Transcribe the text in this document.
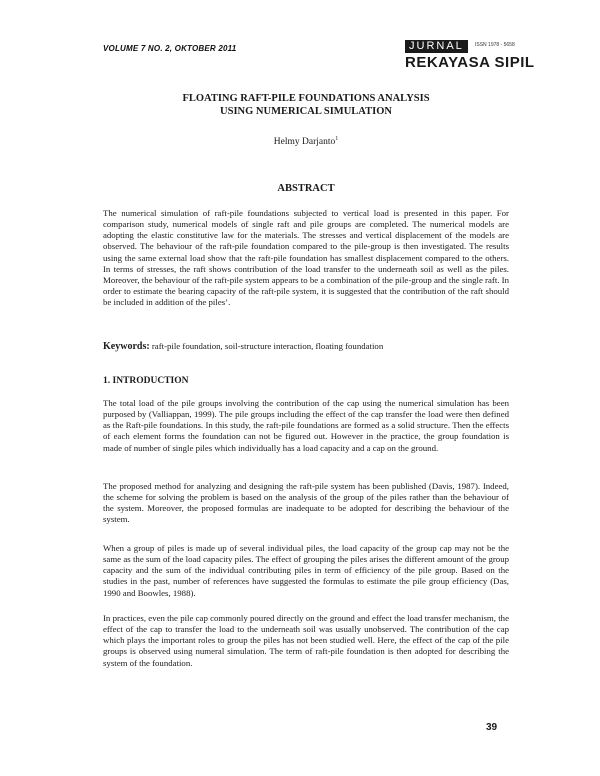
VOLUME 7 NO. 2, OKTOBER 2011	JURNAL	ISSN 1978 - 5658
REKAYASA SIPIL
FLOATING RAFT-PILE FOUNDATIONS ANALYSIS
USING NUMERICAL SIMULATION
Helmy Darjanto$^1$
ABSTRACT
The numerical simulation of raft-pile foundations subjected to vertical load is presented in this paper. For comparison study, numerical models of single raft and pile groups are completed. The numerical models are adopting the elastic constitutive law for the materials. The stresses and vertical displacement of the models are observed. The behaviour of the raft-pile foundation compared to the pile-group is then investigated. The results using the same external load show that the raft-pile foundation has smallest displacement compared to the others. In terms of stresses, the raft shows contribution of the load transfer to the underneath soil as well as the piles. Moreover, the behaviour of the raft-pile system appears to be a combination of the pile-group and the single raft. In order to estimate the bearing capacity of the raft-pile system, it is suggested that the contribution of the raft should be included in addition of the piles’.
Keywords: raft-pile foundation, soil-structure interaction, floating foundation
1. INTRODUCTION
The total load of the pile groups involving the contribution of the cap using the numerical simulation has been purposed by (Valliappan, 1999). The pile groups including the effect of the cap transfer the load were then defined as the Raft-pile foundations. In this study, the raft-pile foundations are formed as a solid structure. Then the effects of each element forms the foundation can not be figured out. However in the practice, the group foundation is made of number of single piles which individually has a load capacity and a cap on the ground.
The proposed method for analyzing and designing the raft-pile system has been published (Davis, 1987). Indeed, the scheme for solving the problem is based on the analysis of the group of the piles rather than the behaviour of the system. Moreover, the proposed formulas are inadequate to be adopted for describing the behaviour of the system.
When a group of piles is made up of several individual piles, the load capacity of the group cap may not be the same as the sum of the load capacity piles. The effect of grouping the piles arises the different amount of the group capacity and the sum of the individual contributing piles in term of efficiency of the pile group. Based on the studies in the past, number of references have suggested the formulas to estimate the pile group efficiency (Das, 1990 and Boowles, 1988).
In practices, even the pile cap commonly poured directly on the ground and effect the load transfer mechanism, the effect of the cap to transfer the load to the underneath soil was usually unobserved. The contribution of the cap which plays the important roles to group the piles has not been studied well. Here, the effect of the cap of the pile groups is observed using numeral simulation. The term of raft-pile foundation is then adopted for describing the system of the foundation.
39
